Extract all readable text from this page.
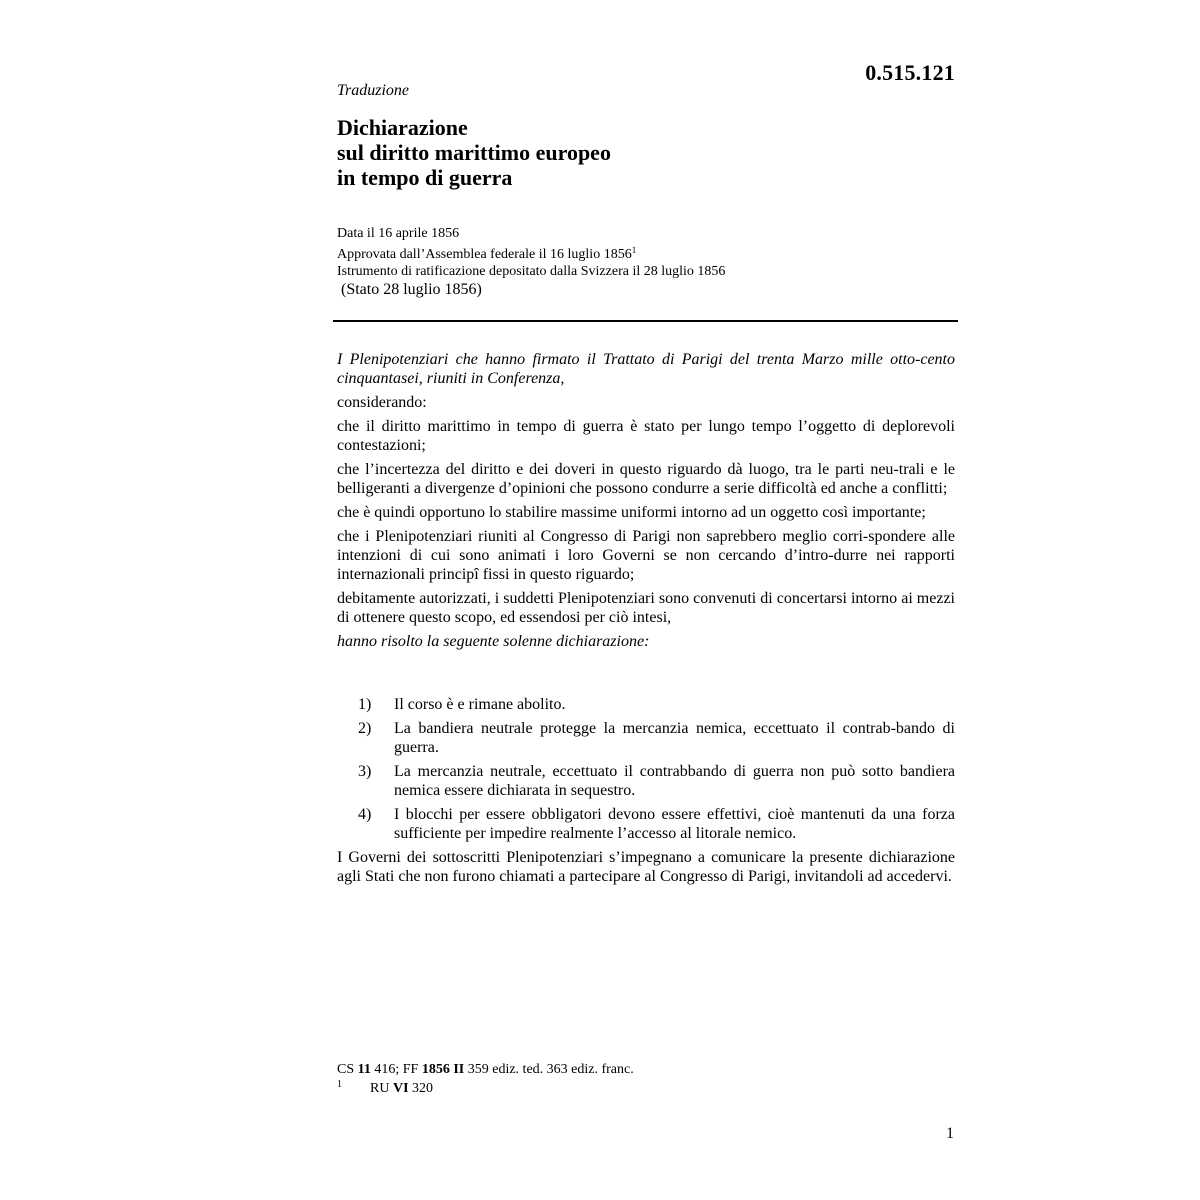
0.515.121
Traduzione
Dichiarazione
sul diritto marittimo europeo
in tempo di guerra
Data il 16 aprile 1856
Approvata dall’Assemblea federale il 16 luglio 1856$^1$
Istrumento di ratificazione depositato dalla Svizzera il 28 luglio 1856
(Stato 28 luglio 1856)

I Plenipotenziari che hanno firmato il Trattato di Parigi del trenta Marzo mille otto-cento cinquantasei, riuniti in Conferenza,

considerando:

che il diritto marittimo in tempo di guerra è stato per lungo tempo l’oggetto di deplorevoli contestazioni;

che l’incertezza del diritto e dei doveri in questo riguardo dà luogo, tra le parti neu-trali e le belligeranti a divergenze d’opinioni che possono condurre a serie difficoltà ed anche a conflitti;

che è quindi opportuno lo stabilire massime uniformi intorno ad un oggetto così importante;

che i Plenipotenziari riuniti al Congresso di Parigi non saprebbero meglio corri-spondere alle intenzioni di cui sono animati i loro Governi se non cercando d’intro-durre nei rapporti internazionali principî fissi in questo riguardo;

debitamente autorizzati, i suddetti Plenipotenziari sono convenuti di concertarsi intorno ai mezzi di ottenere questo scopo, ed essendosi per ciò intesi,

hanno risolto la seguente solenne dichiarazione:

1) Il corso è e rimane abolito.
2) La bandiera neutrale protegge la mercanzia nemica, eccettuato il contrab-bando di guerra.
3) La mercanzia neutrale, eccettuato il contrabbando di guerra non può sotto bandiera nemica essere dichiarata in sequestro.
4) I blocchi per essere obbligatori devono essere effettivi, cioè mantenuti da una forza sufficiente per impedire realmente l’accesso al litorale nemico.

I Governi dei sottoscritti Plenipotenziari s’impegnano a comunicare la presente dichiarazione agli Stati che non furono chiamati a partecipare al Congresso di Parigi, invitandoli ad accedervi.

CS 11 416; FF 1856 II 359 ediz. ted. 363 ediz. franc.
1 RU VI 320
1
